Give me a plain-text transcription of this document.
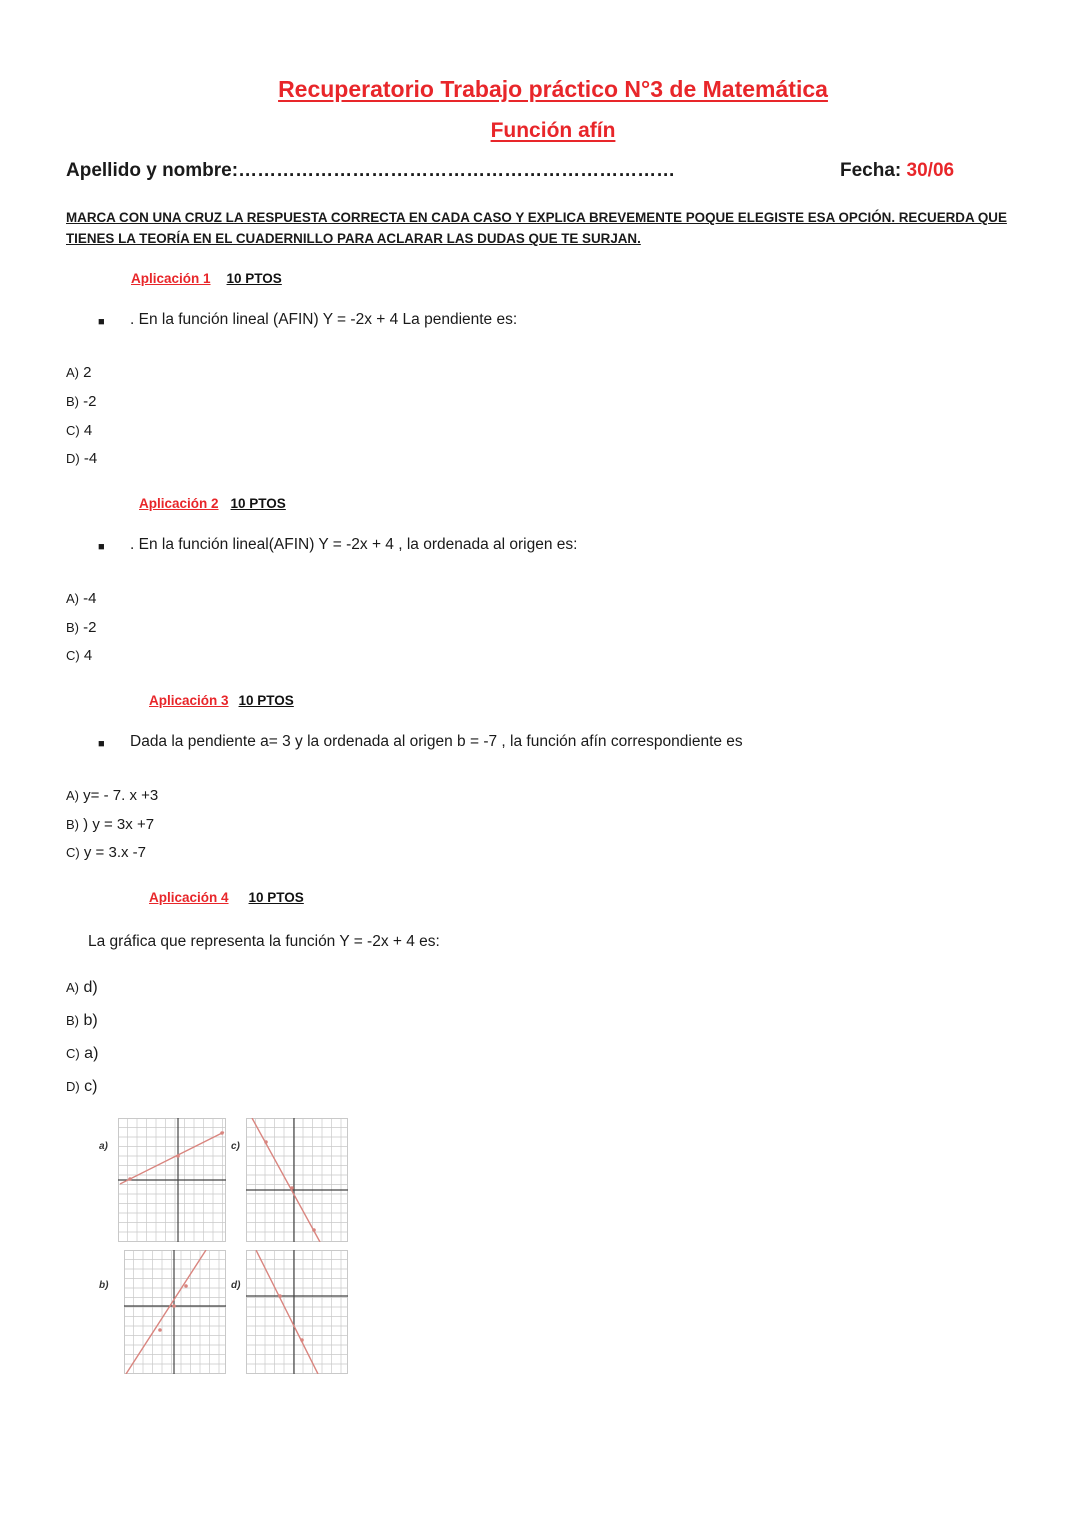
Recuperatorio Trabajo práctico N°3 de Matemática
Función afín
Apellido y nombre:……………………………………………………………	Fecha: 30/06
MARCA CON UNA CRUZ LA RESPUESTA CORRECTA EN CADA CASO Y EXPLICA BREVEMENTE POQUE ELEGISTE ESA OPCIÓN. RECUERDA QUE TIENES LA TEORÍA EN EL CUADERNILLO PARA ACLARAR LAS DUDAS QUE TE SURJAN.
Aplicación 1 10 PTOS
■ . En la función lineal (AFIN) Y = -2x + 4 La pendiente es:
A) 2
B) -2
C) 4
D) -4
Aplicación 2 10 PTOS
■ . En la función lineal(AFIN) Y = -2x + 4 , la ordenada al origen es:
A) -4
B) -2
C) 4
Aplicación 3 10 PTOS
■ Dada la pendiente a= 3 y la ordenada al origen b = -7 , la función afín correspondiente es
A) y= - 7. x +3
B) ) y = 3x +7
C) y = 3.x -7
Aplicación 4 10 PTOS
La gráfica que representa la función Y = -2x + 4 es:
A) d)
B) b)
C) a)
D) c)
a)	c)
b)	d)
